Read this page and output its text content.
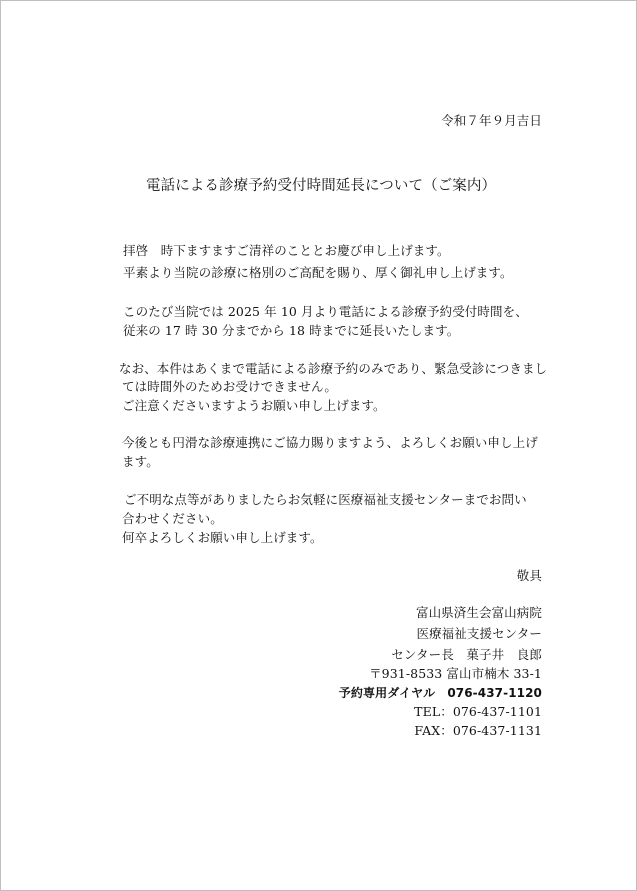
令和７年９月吉日
電話による診療予約受付時間延長について（ご案内）
拝啓　時下ますますご清祥のこととお慶び申し上げます。
平素より当院の診療に格別のご高配を賜り、厚く御礼申し上げます。
このたび当院では 2025 年 10 月より電話による診療予約受付時間を、
従来の 17 時 30 分までから 18 時までに延長いたします。
なお、本件はあくまで電話による診療予約のみであり、緊急受診につきまし
ては時間外のためお受けできません。
ご注意くださいますようお願い申し上げます。
今後とも円滑な診療連携にご協力賜りますよう、よろしくお願い申し上げ
ます。
ご不明な点等がありましたらお気軽に医療福祉支援センターまでお問い
合わせください。
何卒よろしくお願い申し上げます。
敬具
富山県済生会富山病院
医療福祉支援センター
センター長　菓子井　良郎
〒931-8533 富山市楠木 33-1
予約専用ダイヤル　076-437-1120
TEL：076-437-1101
FAX：076-437-1131
